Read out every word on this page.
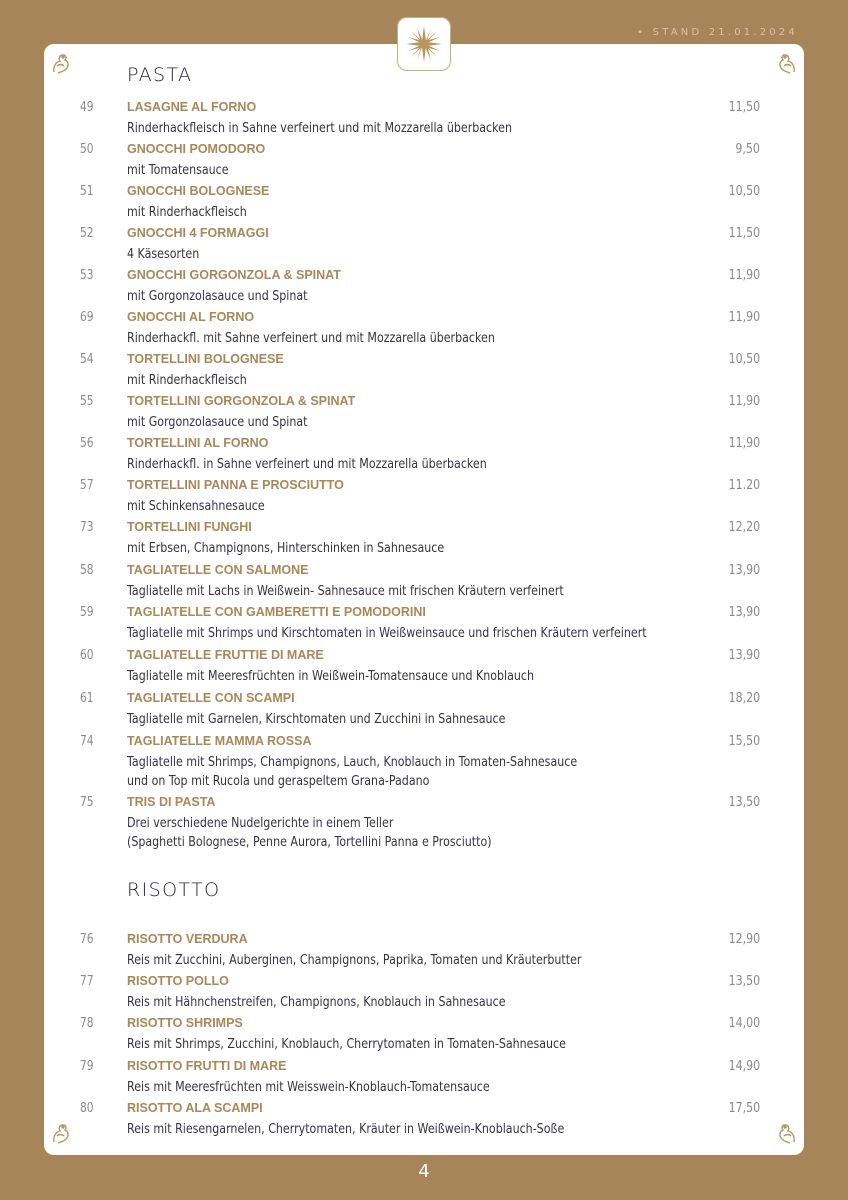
• STAND 21.01.2024
PASTA
49	LASAGNE AL FORNO	11,50
Rinderhackfleisch in Sahne verfeinert und mit Mozzarella überbacken
50	GNOCCHI POMODORO	9,50
mit Tomatensauce
51	GNOCCHI BOLOGNESE	10,50
mit Rinderhackfleisch
52	GNOCCHI 4 FORMAGGI	11,50
4 Käsesorten
53	GNOCCHI GORGONZOLA & SPINAT	11,90
mit Gorgonzolasauce und Spinat
69	GNOCCHI AL FORNO	11,90
Rinderhackfl. mit Sahne verfeinert und mit Mozzarella überbacken
54	TORTELLINI BOLOGNESE	10,50
mit Rinderhackfleisch
55	TORTELLINI GORGONZOLA & SPINAT	11,90
mit Gorgonzolasauce und Spinat
56	TORTELLINI AL FORNO	11,90
Rinderhackfl. in Sahne verfeinert und mit Mozzarella überbacken
57	TORTELLINI PANNA E PROSCIUTTO	11.20
mit Schinkensahnesauce
73	TORTELLINI FUNGHI	12,20
mit Erbsen, Champignons, Hinterschinken in Sahnesauce
58	TAGLIATELLE CON SALMONE	13,90
Tagliatelle mit Lachs in Weißwein- Sahnesauce mit frischen Kräutern verfeinert
59	TAGLIATELLE CON GAMBERETTI E POMODORINI	13,90
Tagliatelle mit Shrimps und Kirschtomaten in Weißweinsauce und frischen Kräutern verfeinert
60	TAGLIATELLE FRUTTIE DI MARE	13,90
Tagliatelle mit Meeresfrüchten in Weißwein-Tomatensauce und Knoblauch
61	TAGLIATELLE CON SCAMPI	18,20
Tagliatelle mit Garnelen, Kirschtomaten und Zucchini in Sahnesauce
74	TAGLIATELLE MAMMA ROSSA	15,50
Tagliatelle mit Shrimps, Champignons, Lauch, Knoblauch in Tomaten-Sahnesauce
und on Top mit Rucola und geraspeltem Grana-Padano
75	TRIS DI PASTA	13,50
Drei verschiedene Nudelgerichte in einem Teller
(Spaghetti Bolognese, Penne Aurora, Tortellini Panna e Prosciutto)
RISOTTO
76	RISOTTO VERDURA	12,90
Reis mit Zucchini, Auberginen, Champignons, Paprika, Tomaten und Kräuterbutter
77	RISOTTO POLLO	13,50
Reis mit Hähnchenstreifen, Champignons, Knoblauch in Sahnesauce
78	RISOTTO SHRIMPS	14,00
Reis mit Shrimps, Zucchini, Knoblauch, Cherrytomaten in Tomaten-Sahnesauce
79	RISOTTO FRUTTI DI MARE	14,90
Reis mit Meeresfrüchten mit Weisswein-Knoblauch-Tomatensauce
80	RISOTTO ALA SCAMPI	17,50
Reis mit Riesengarnelen, Cherrytomaten, Kräuter in Weißwein-Knoblauch-Soße
4
